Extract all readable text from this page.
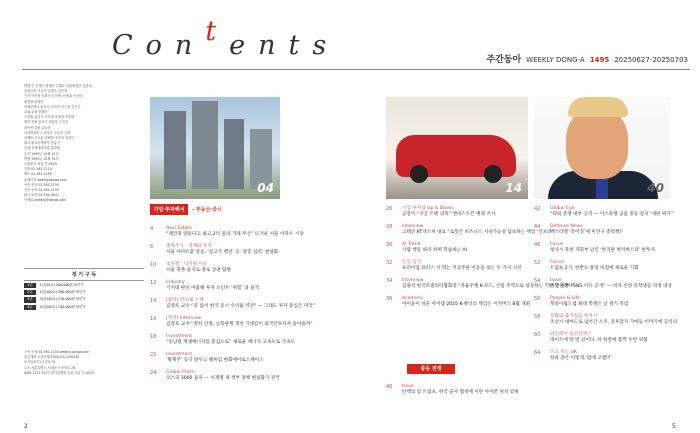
Contents	주간동아 WEEKLY DONG-A 1495 20250627-20250703

발행 인 김재호 발행인 김재호 출판편집인 김종희

출판국장 이주연 콘텐츠 김은경

기자 이은정 송화선 김지현, 문영훈 이상미,

최진렬 최정민

미래콘텐츠 최지선 디자인 이주현 김은주

교열 교열 한혜진

사진팀 홍중식 지호영 조영철 지호영

제작 지원 홍보기 최상봉 주진성

라이팅 출판 홍다운

디지털플러스 정다운 구효진 김현

마케팅 신우중 전혜영 조인서 장상이

광고 광고마케팅부 강흥구

인쇄 신세계데이타 출판팀

등록 1995년 12월 13일

발행 1995년 12월 31일

등록번호 서울 가-0525

전화 02-361-1114

팩스 02-361-1192

홈페이지 weekly.donga.com

독자 문의 02-361-1150

구독 문의 02-361-1150

광고 문의 02-361-0947

이메일 weekly@donga.com

정 기 구 독
1년	1년(50호) 200,000원 할인가
2년	2년(100호) 390,000원 할인가
3년	3년(150호) 570,000원 할인가
4년	4년(200호) 740,000원 할인가

구독 신청 02-361-1150 weekly.donga.com

입금계좌 우리은행 1005-101-200200

동아일보사 (주간동아)

주소 서울특별시 서대문구 충정로 29

ISSN 1227-2477 정기간행물 등록 서울 가-0525

04	14	40
기업·투자백서	- 부동산·증시
4	Real Estate
“재건축 앞둔다고 최고 2억 올라 거래 무산” 뜨거운 서울 아파트 시장
6	종목주식 · 경제와 투자
서울 아파트값 상승, ‘신고가 행진’ 등 ‘갈증 심리’ 현실화
10	초연결 · 디지털 이슈
서울 북촌·을지로·종로 상권 탐방
12	Industry
기지대 판단 미흡해 투자 포인트 ‘위험’ 과 실적
14	[정석] 반도체 소재
김영록 교수 “중 롤이 한국 증시 수익률 역전” — 그래도 투자 중심은 미국”
16	[정석] Interview
김정호 교수 “정치 안정, 남북관계 개선 기대감이 외국인투자자 돌아올까”
18	Investment
“동남권 재생에너지를 중심으로” 새로운 에너지 고속도로 가속도
22	Investment
‘황제주’ 등극 앞두고 밸류업 한화에어로스페이스
24	Global Prism
코스피 3000 돌파 — 이재명 새 정부 정책 현실화가 관건
26	기업 투자업 Up & Down
공장이 “구글 트렌 의혹” 엔비스트픈 변경 조사
28	Interview
고태진 KT넥스처 대표 “로봇은 비즈니스 지속가능성 담보하는 핵심 ‘인프라’”
30	AI Trend
사람 행동 따라 하며 학습하는 AI
32	돈의 심리
프리미엄 프러스 시 먹는 키코주관 이동을 보는 두 가지 시선
34	Interview
김용석 한국모빌리티협회장 “자율주행 K-모드, 산업 주역으로 성장하는 기반 만들겠다”
36	Academy
아이돌이 바꾼 아이템 2025 K-뷰티의 핵심은 이커머스 8월 개최
중동 전쟁
40	Issue
탄핵의 암 트럼프, 한국 군사 협정에 이란 아이폰 위치 맞혀
42	Global Eye
“타워 분쟁 내부 공격 — 이스라엘 공습 중동 질서 ‘새판 짜기’”
44	Defense News
이스라엘 ‘라이징’에 미연구 총력책?
46	Focus
청사시 북한 지휘부 날린 ‘한국판 벙커버스터’ 현무-5
52	Forum
트럼프 2기, 한반도 통일 비전에 새로운 기회
54	Issue
미국 정부 “SNS 이유 공개” — 비자 신청 유학생들 리정 대상
56	People & Life
북중이월드컵 최대 복병은 날 걸기 폭염
58	문화와 출기업들 투자시
조선시 대마도로 넘어간 소주, 증후갑자 가마들 이야기에 공익의
60	와인레이 와인년첵스
데이트에 딱 번 선이다, 차 한잔에 홀짝 두번 위협
64	쓰고 먹는 UK
한와 같은 이렇게 ‘럼에 고랩이’
2	5
